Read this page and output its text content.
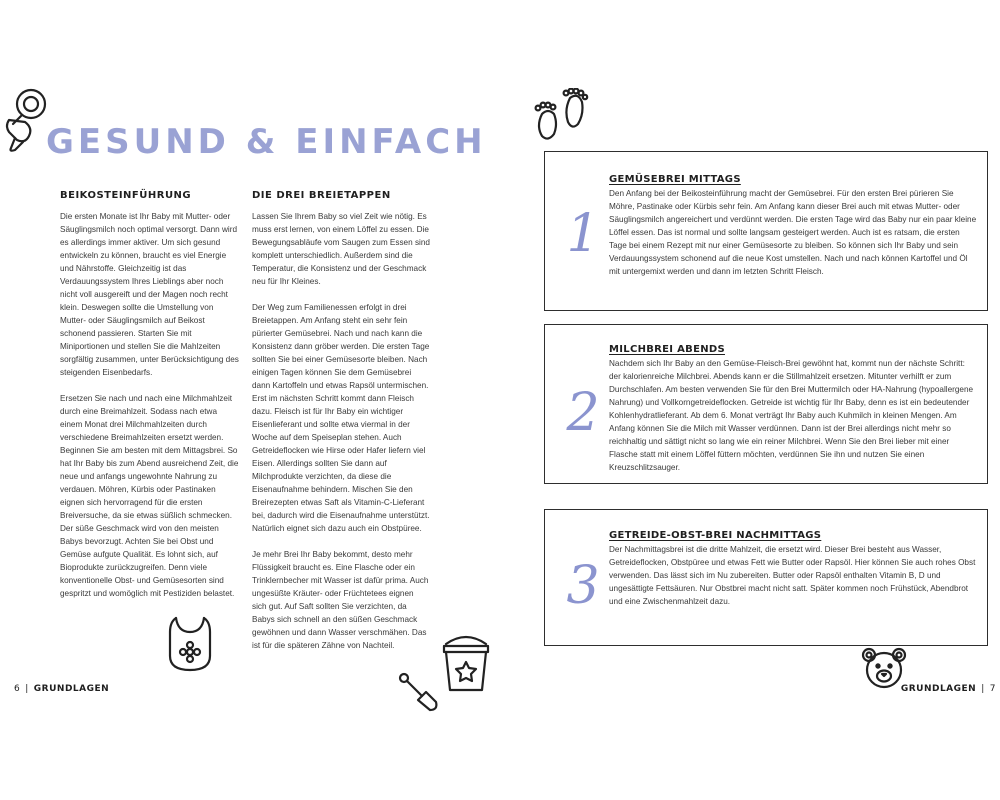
GESUND & EINFACH
BEIKOSTEINFÜHRUNG

Die ersten Monate ist Ihr Baby mit Mutter- oder Säuglingsmilch noch optimal versorgt. Dann wird es allerdings immer aktiver. Um sich gesund entwickeln zu können, braucht es viel Energie und Nährstoffe. Gleichzeitig ist das Verdauungssystem Ihres Lieblings aber noch nicht voll ausgereift und der Magen noch recht klein. Deswegen sollte die Umstellung von Mutter- oder Säuglingsmilch auf Beikost schonend passieren. Starten Sie mit Miniportionen und stellen Sie die Mahlzeiten sorgfältig zusammen, unter Berücksichtigung des steigenden Eisenbedarfs.

Ersetzen Sie nach und nach eine Milchmahlzeit durch eine Breimahlzeit. Sodass nach etwa einem Monat drei Milchmahlzeiten durch verschiedene Breimahlzeiten ersetzt werden. Beginnen Sie am besten mit dem Mittagsbrei. So hat Ihr Baby bis zum Abend ausreichend Zeit, die neue und anfangs ungewohnte Nahrung zu verdauen. Möhren, Kürbis oder Pastinaken eignen sich hervorragend für die ersten Breiversuche, da sie etwas süßlich schmecken. Der süße Geschmack wird von den meisten Babys bevorzugt. Achten Sie bei Obst und Gemüse aufgute Qualität. Es lohnt sich, auf Bioprodukte zurückzugreifen. Denn viele konventionelle Obst- und Gemüsesorten sind gespritzt und womöglich mit Pestiziden belastet.

DIE DREI BREIETAPPEN

Lassen Sie Ihrem Baby so viel Zeit wie nötig. Es muss erst lernen, von einem Löffel zu essen. Die Bewegungsabläufe vom Saugen zum Essen sind komplett unterschiedlich. Außerdem sind die Temperatur, die Konsistenz und der Geschmack neu für Ihr Kleines.

Der Weg zum Familienessen erfolgt in drei Breietappen. Am Anfang steht ein sehr fein pürierter Gemüsebrei. Nach und nach kann die Konsistenz dann gröber werden. Die ersten Tage sollten Sie bei einer Gemüsesorte bleiben. Nach einigen Tagen können Sie dem Gemüsebrei dann Kartoffeln und etwas Rapsöl untermischen. Erst im nächsten Schritt kommt dann Fleisch dazu. Fleisch ist für Ihr Baby ein wichtiger Eisenlieferant und sollte etwa viermal in der Woche auf dem Speiseplan stehen. Auch Getreideflocken wie Hirse oder Hafer liefern viel Eisen. Allerdings sollten Sie dann auf Milchprodukte verzichten, da diese die Eisenaufnahme behindern. Mischen Sie den Breirezepten etwas Saft als Vitamin-C-Lieferant bei, dadurch wird die Eisenaufnahme unterstützt. Natürlich eignet sich dazu auch ein Obstpüree.

Je mehr Brei Ihr Baby bekommt, desto mehr Flüssigkeit braucht es. Eine Flasche oder ein Trinklernbecher mit Wasser ist dafür prima. Auch ungesüßte Kräuter- oder Früchtetees eignen sich gut. Auf Saft sollten Sie verzichten, da Babys sich schnell an den süßen Geschmack gewöhnen und dann Wasser verschmähen. Das ist für die späteren Zähne von Nachteil.

6 | GRUNDLAGEN
1
GEMÜSEBREI MITTAGS

Den Anfang bei der Beikosteinführung macht der Gemüsebrei. Für den ersten Brei pürieren Sie Möhre, Pastinake oder Kürbis sehr fein. Am Anfang kann dieser Brei auch mit etwas Mutter- oder Säuglingsmilch angereichert und verdünnt werden. Die ersten Tage wird das Baby nur ein paar kleine Löffel essen. Das ist normal und sollte langsam gesteigert werden. Auch ist es ratsam, die ersten Tage bei einem Rezept mit nur einer Gemüsesorte zu bleiben. So können sich Ihr Baby und sein Verdauungssystem schonend auf die neue Kost umstellen. Nach und nach können Kartoffel und Öl mit untergemixt werden und dann im letzten Schritt Fleisch.

2
MILCHBREI ABENDS

Nachdem sich Ihr Baby an den Gemüse-Fleisch-Brei gewöhnt hat, kommt nun der nächste Schritt: der kalorienreiche Milchbrei. Abends kann er die Stillmahlzeit ersetzen. Mitunter verhilft er zum Durchschlafen. Am besten verwenden Sie für den Brei Muttermilch oder HA-Nahrung (hypoallergene Nahrung) und Vollkorngetreideflocken. Getreide ist wichtig für Ihr Baby, denn es ist ein bedeutender Kohlenhydratlieferant. Ab dem 6. Monat verträgt Ihr Baby auch Kuhmilch in kleinen Mengen. Am Anfang können Sie die Milch mit Wasser verdünnen. Dann ist der Brei allerdings nicht mehr so reichhaltig und sättigt nicht so lang wie ein reiner Milchbrei. Wenn Sie den Brei lieber mit einer Flasche statt mit einem Löffel füttern möchten, verdünnen Sie ihn und nutzen Sie einen Kreuzschlitzsauger.

3
GETREIDE-OBST-BREI NACHMITTAGS

Der Nachmittagsbrei ist die dritte Mahlzeit, die ersetzt wird. Dieser Brei besteht aus Wasser, Getreideflocken, Obstpüree und etwas Fett wie Butter oder Rapsöl. Hier können Sie auch rohes Obst verwenden. Das lässt sich im Nu zubereiten. Butter oder Rapsöl enthalten Vitamin B, D und ungesättigte Fettsäuren. Nur Obstbrei macht nicht satt. Später kommen noch Frühstück, Abendbrot und eine Zwischenmahlzeit dazu.

GRUNDLAGEN | 7
